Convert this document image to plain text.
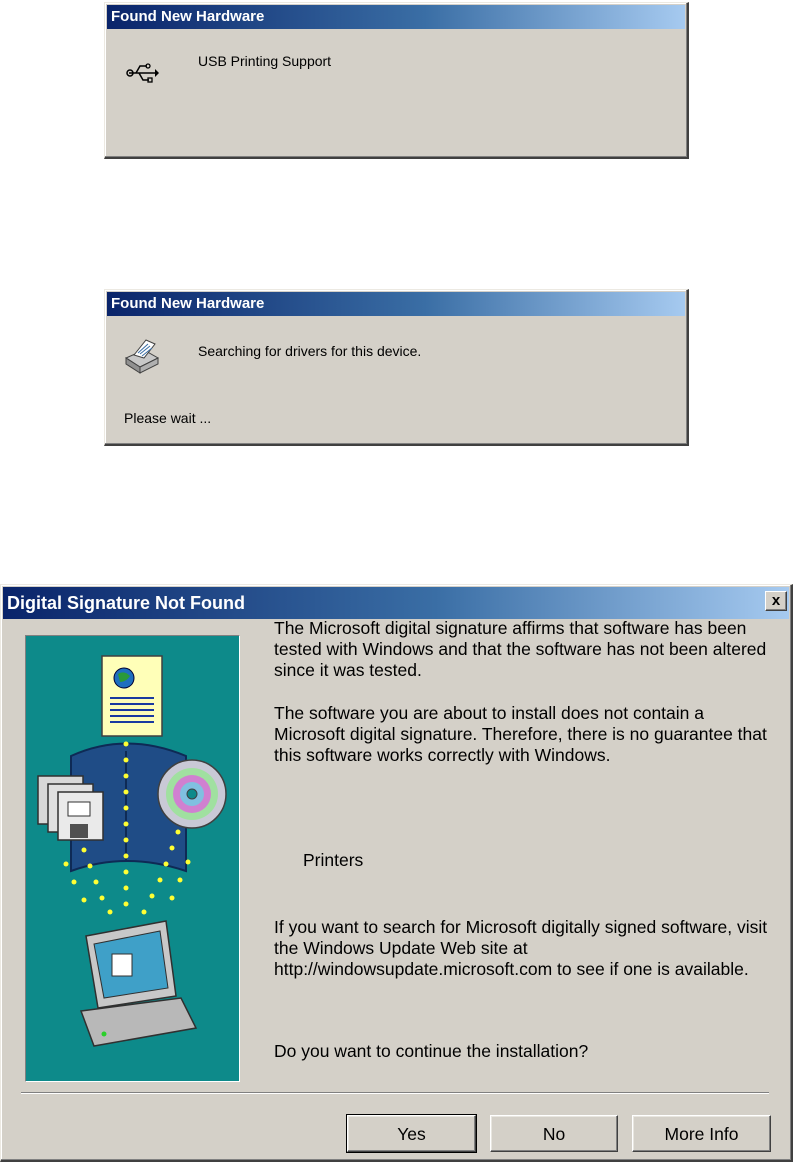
Found New Hardware
USB Printing Support
Found New Hardware
Searching for drivers for this device.
Please wait ...
Digital Signature Not Found	x
The Microsoft digital signature affirms that software has been tested with Windows and that the software has not been altered since it was tested.
The software you are about to install does not contain a Microsoft digital signature. Therefore, there is no guarantee that this software works correctly with Windows.
Printers
If you want to search for Microsoft digitally signed software, visit the Windows Update Web site at http://windowsupdate.microsoft.com to see if one is available.
Do you want to continue the installation?
Yes	No	More Info
